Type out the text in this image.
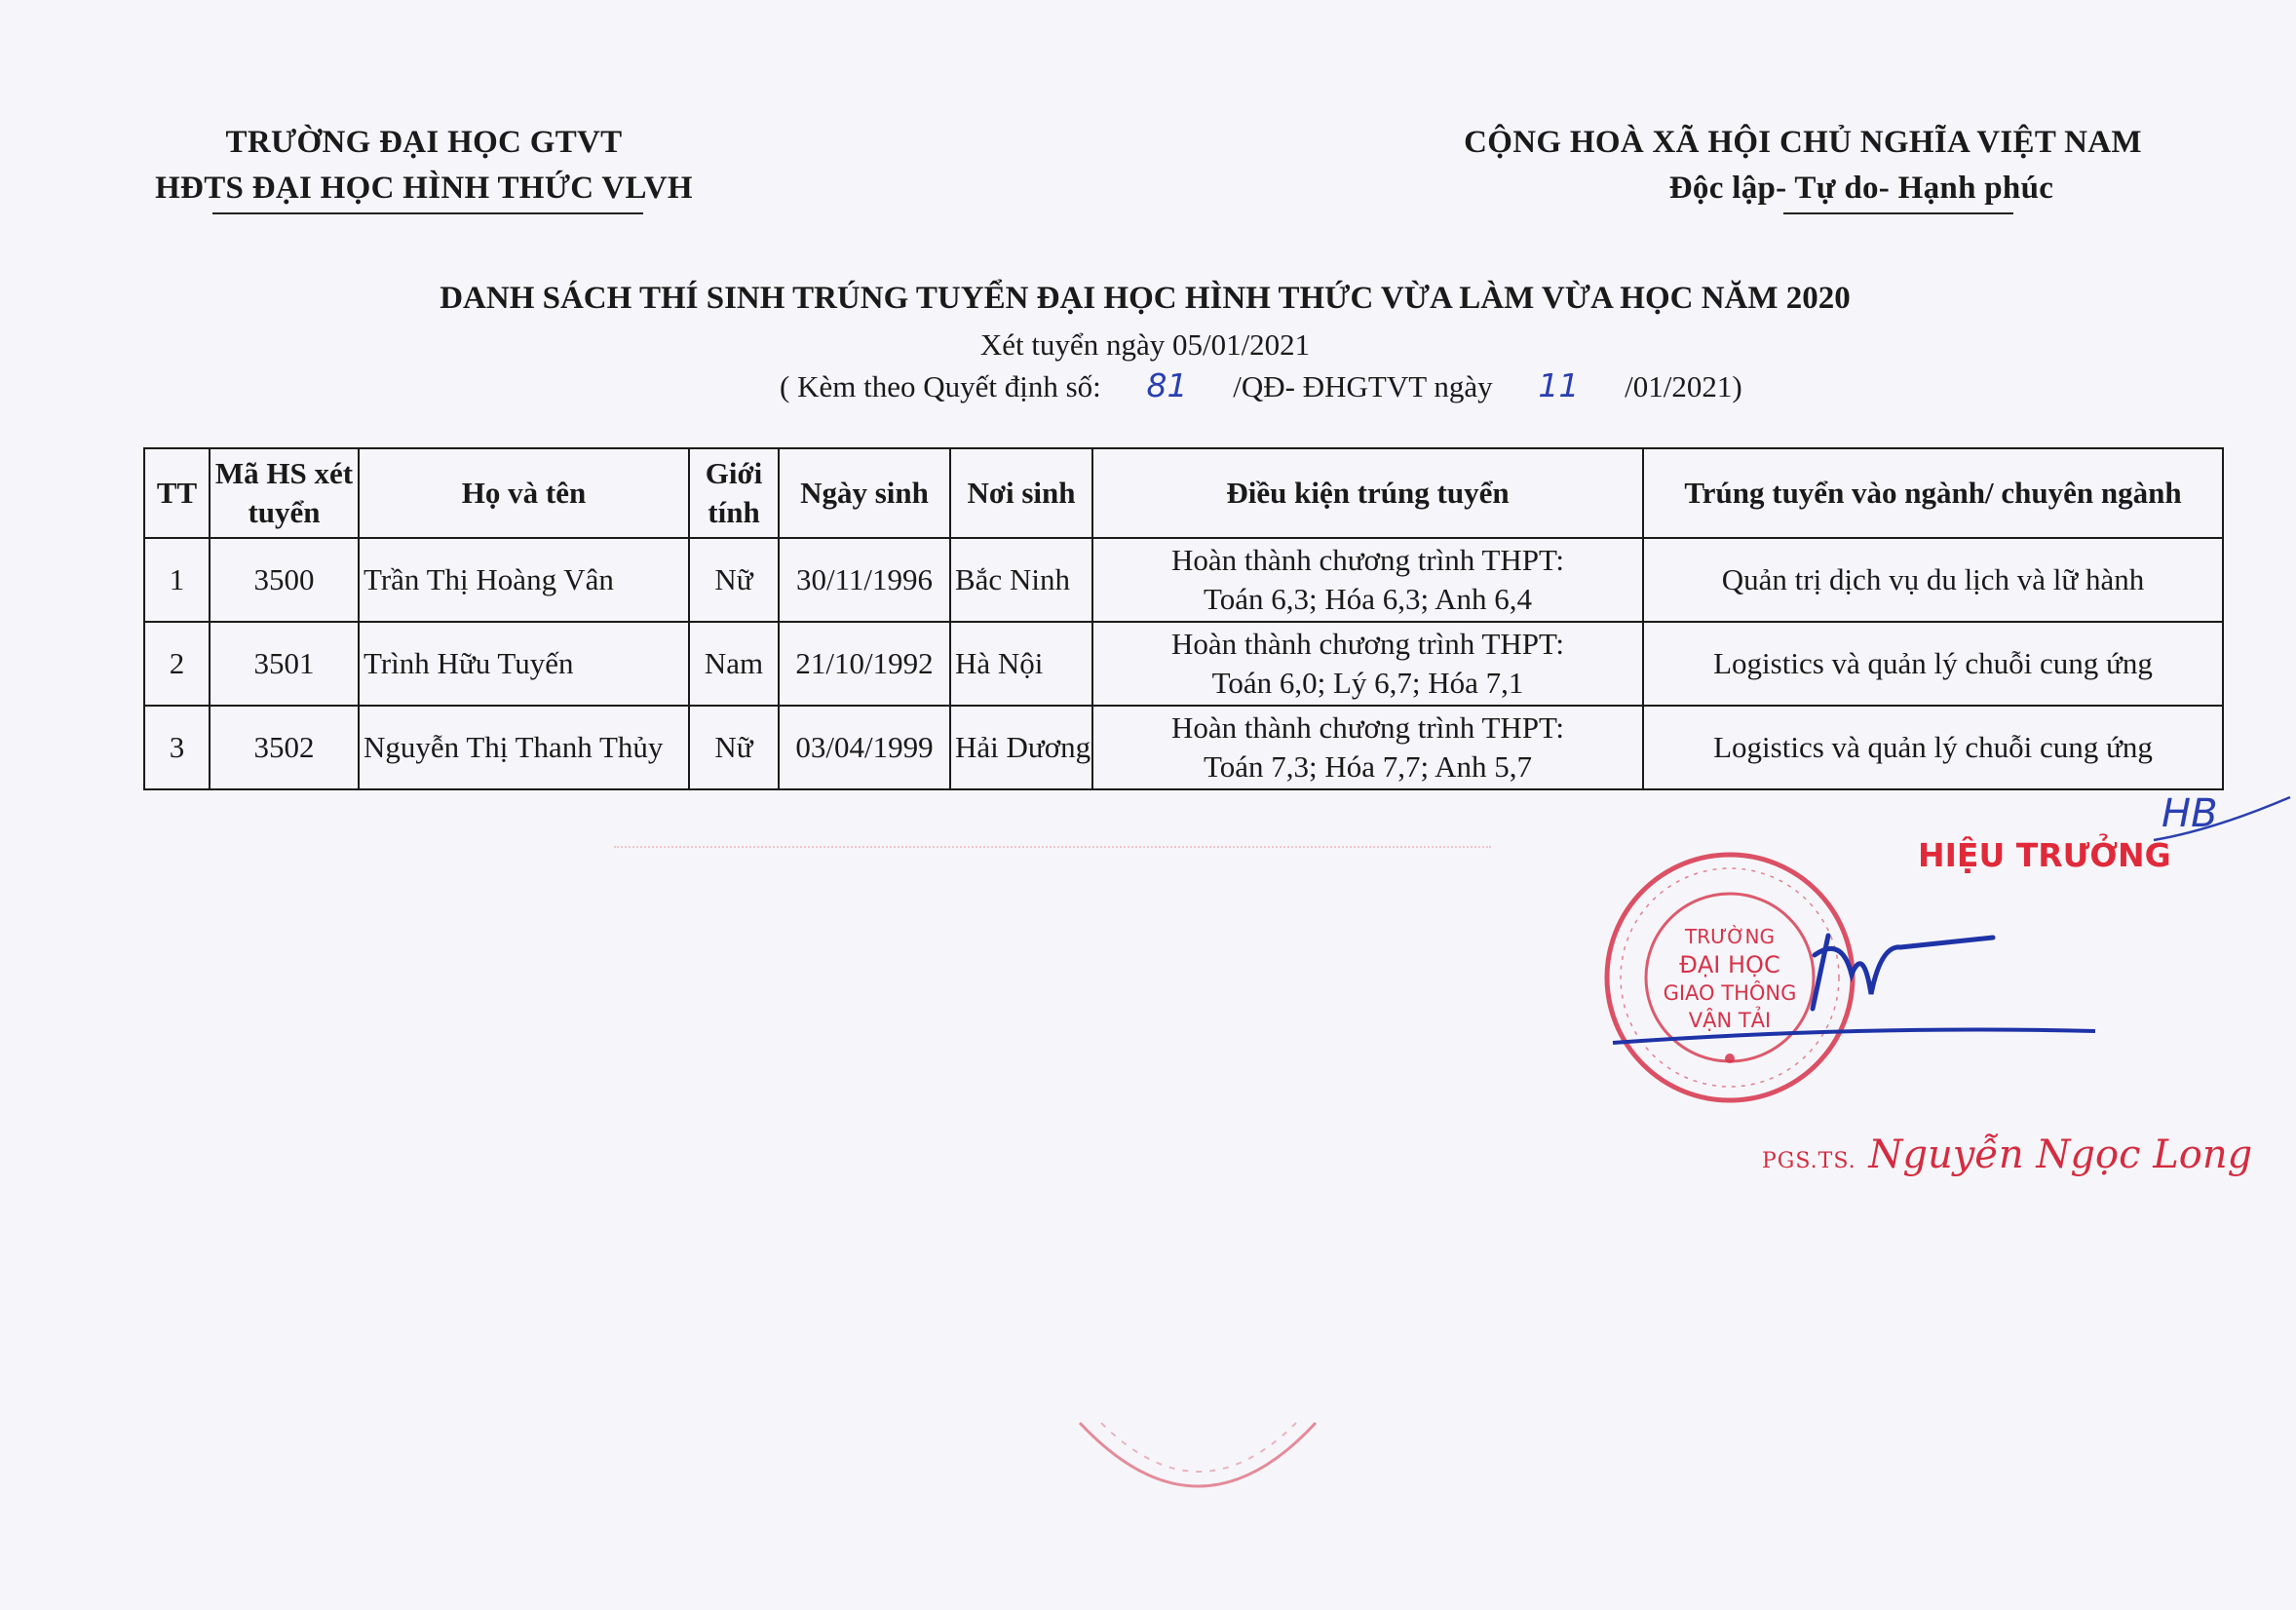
TRƯỜNG ĐẠI HỌC GTVT
HĐTS ĐẠI HỌC HÌNH THỨC VLVH
CỘNG HOÀ XÃ HỘI CHỦ NGHĨA VIỆT NAM
Độc lập- Tự do- Hạnh phúc
DANH SÁCH THÍ SINH TRÚNG TUYỂN ĐẠI HỌC HÌNH THỨC VỪA LÀM VỪA HỌC NĂM 2020
Xét tuyển ngày 05/01/2021
( Kèm theo Quyết định số: 81 /QĐ- ĐHGTVT ngày 11 /01/2021)
TT	Mã HS xét tuyển	Họ và tên	Giới tính	Ngày sinh	Nơi sinh	Điều kiện trúng tuyển	Trúng tuyển vào ngành/ chuyên ngành
1	3500	Trần Thị Hoàng Vân	Nữ	30/11/1996	Bắc Ninh	Hoàn thành chương trình THPT:
Toán 6,3; Hóa 6,3; Anh 6,4	Quản trị dịch vụ du lịch và lữ hành
2	3501	Trình Hữu Tuyến	Nam	21/10/1992	Hà Nội	Hoàn thành chương trình THPT:
Toán 6,0; Lý 6,7; Hóa 7,1	Logistics và quản lý chuỗi cung ứng
3	3502	Nguyễn Thị Thanh Thủy	Nữ	03/04/1999	Hải Dương	Hoàn thành chương trình THPT:
Toán 7,3; Hóa 7,7; Anh 5,7	Logistics và quản lý chuỗi cung ứng
HIỆU TRƯỞNG
HB
TRƯỜNG
ĐẠI HỌC
GIAO THÔNG
VẬN TẢI
PGS.TS. Nguyễn Ngọc Long
